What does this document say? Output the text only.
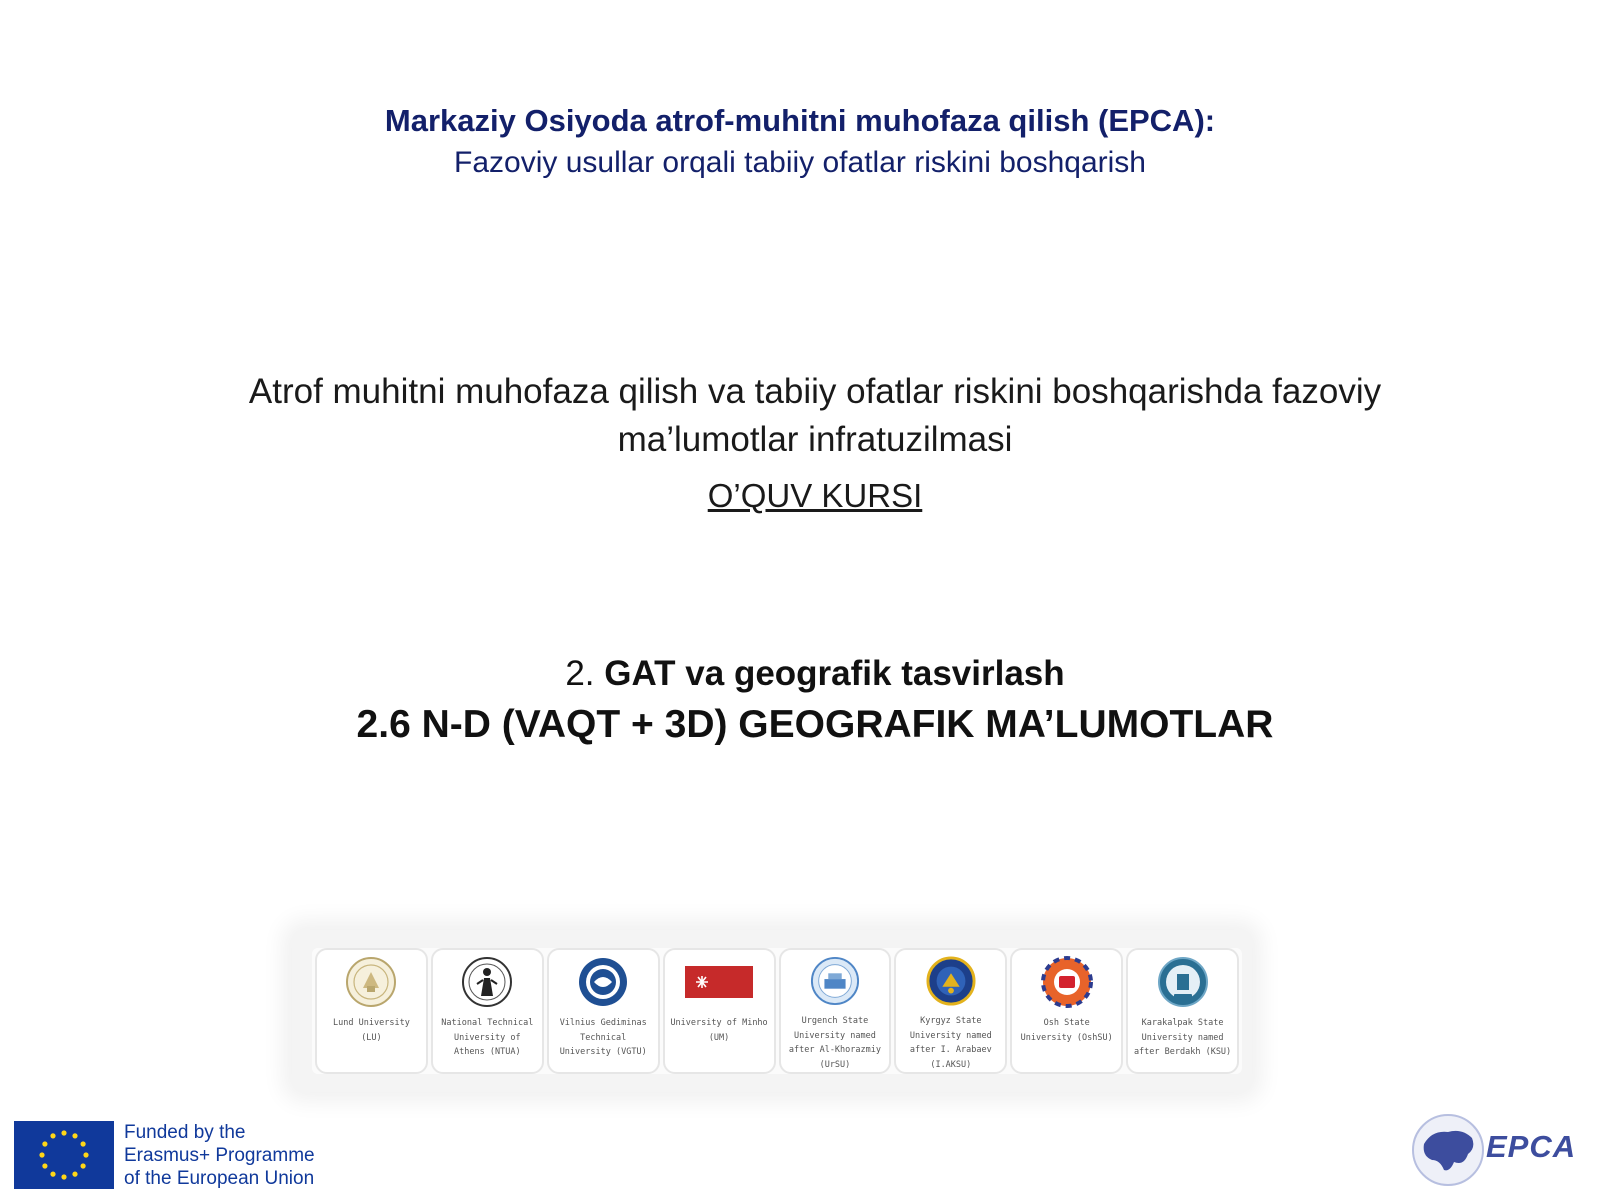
Markaziy Osiyoda atrof-muhitni muhofaza qilish (EPCA):
Fazoviy usullar orqali tabiiy ofatlar riskini boshqarish
Atrof muhitni muhofaza qilish va tabiiy ofatlar riskini boshqarishda fazoviy ma’lumotlar infratuzilmasi
O’QUV KURSI
2. GAT va geografik tasvirlash
2.6 N-D (VAQT + 3D) GEOGRAFIK MA’LUMOTLAR
Lund University (LU)
National Technical University of Athens (NTUA)
Vilnius Gediminas Technical University (VGTU)
University of Minho (UM)
Urgench State University named after Al-Khorazmiy (UrSU)
Kyrgyz State University named after I. Arabaev (I.AKSU)
Osh State University (OshSU)
Karakalpak State University named after Berdakh (KSU)
Funded by the
Erasmus+ Programme
of the European Union
EPCA
